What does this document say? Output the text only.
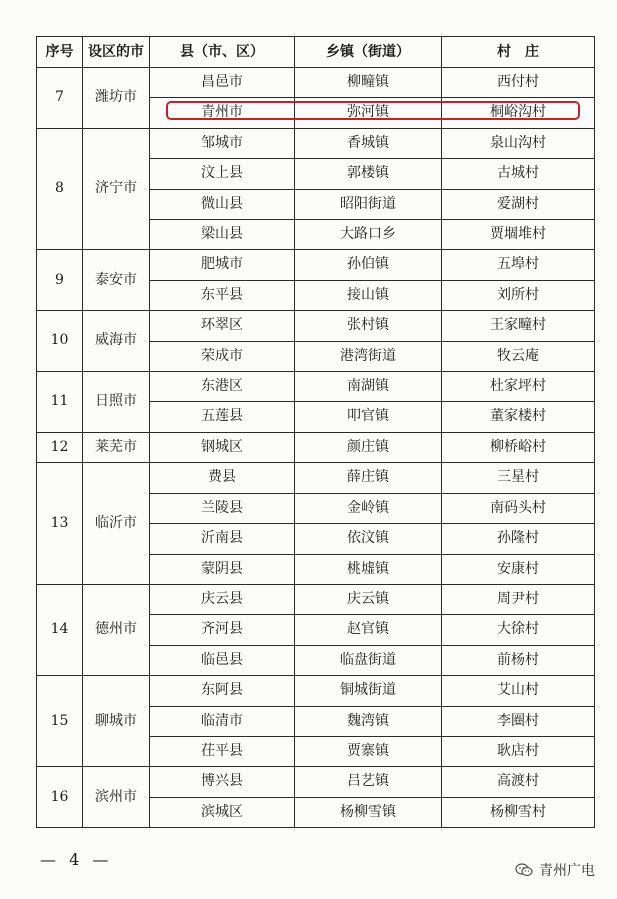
序号	设区的市	县（市、区）	乡镇（街道）	村　庄
7	潍坊市	昌邑市	柳疃镇	西付村
		青州市	弥河镇	桐峪沟村
8	济宁市	邹城市	香城镇	泉山沟村
		汶上县	郭楼镇	古城村
		微山县	昭阳街道	爱湖村
		梁山县	大路口乡	贾堌堆村
9	泰安市	肥城市	孙伯镇	五埠村
		东平县	接山镇	刘所村
10	威海市	环翠区	张村镇	王家疃村
		荣成市	港湾街道	牧云庵
11	日照市	东港区	南湖镇	杜家坪村
		五莲县	叩官镇	董家楼村
12	莱芜市	钢城区	颜庄镇	柳桥峪村
13	临沂市	费县	薛庄镇	三星村
		兰陵县	金岭镇	南码头村
		沂南县	依汶镇	孙隆村
		蒙阴县	桃墟镇	安康村
14	德州市	庆云县	庆云镇	周尹村
		齐河县	赵官镇	大徐村
		临邑县	临盘街道	前杨村
15	聊城市	东阿县	铜城街道	艾山村
		临清市	魏湾镇	李圈村
		茌平县	贾寨镇	耿店村
16	滨州市	博兴县	吕艺镇	高渡村
		滨城区	杨柳雪镇	杨柳雪村
— 4 —
青州广电
